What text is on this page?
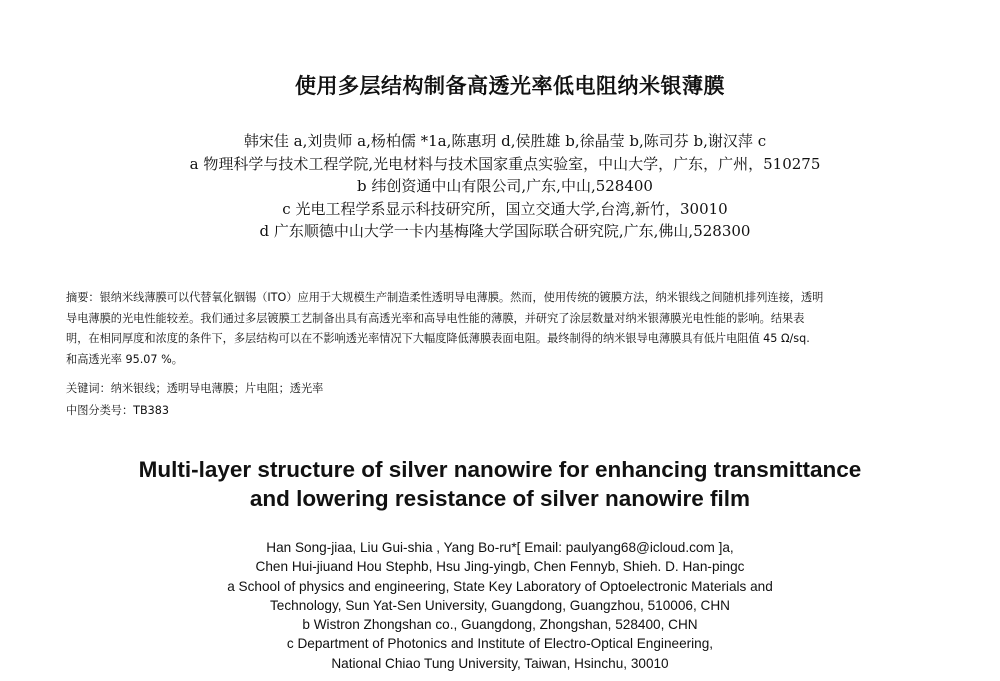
使用多层结构制备高透光率低电阻纳米银薄膜
韩宋佳 a,刘贵师 a,杨柏儒 *1a,陈惠玥 d,侯胜雄 b,徐晶莹 b,陈司芬 b,谢汉萍 c
a 物理科学与技术工程学院,光电材料与技术国家重点实验室，中山大学，广东，广州，510275
b 纬创资通中山有限公司,广东,中山,528400
c 光电工程学系显示科技研究所，国立交通大学,台湾,新竹，30010
d 广东顺德中山大学一卡内基梅隆大学国际联合研究院,广东,佛山,528300
摘要：银纳米线薄膜可以代替氧化铟锡（ITO）应用于大规模生产制造柔性透明导电薄膜。然而，使用传统的镀膜方法，纳米银线之间随机排列连接，透明
导电薄膜的光电性能较差。我们通过多层镀膜工艺制备出具有高透光率和高导电性能的薄膜，并研究了涂层数量对纳米银薄膜光电性能的影响。结果表
明，在相同厚度和浓度的条件下，多层结构可以在不影响透光率情况下大幅度降低薄膜表面电阻。最终制得的纳米银导电薄膜具有低片电阻值 45 Ω/sq.
和高透光率 95.07 %。
关键词：纳米银线；透明导电薄膜；片电阻；透光率
中图分类号：TB383
Multi-layer structure of silver nanowire for enhancing transmittance
and lowering resistance of silver nanowire film
Han Song-jiaa, Liu Gui-shia , Yang Bo-ru*[ Email: paulyang68@icloud.com ]a,
Chen Hui-jiuand Hou Stephb, Hsu Jing-yingb, Chen Fennyb, Shieh. D. Han-pingc
a School of physics and engineering, State Key Laboratory of Optoelectronic Materials and
Technology, Sun Yat-Sen University, Guangdong, Guangzhou, 510006, CHN
b Wistron Zhongshan co., Guangdong, Zhongshan, 528400, CHN
c Department of Photonics and Institute of Electro-Optical Engineering,
National Chiao Tung University, Taiwan, Hsinchu, 30010
